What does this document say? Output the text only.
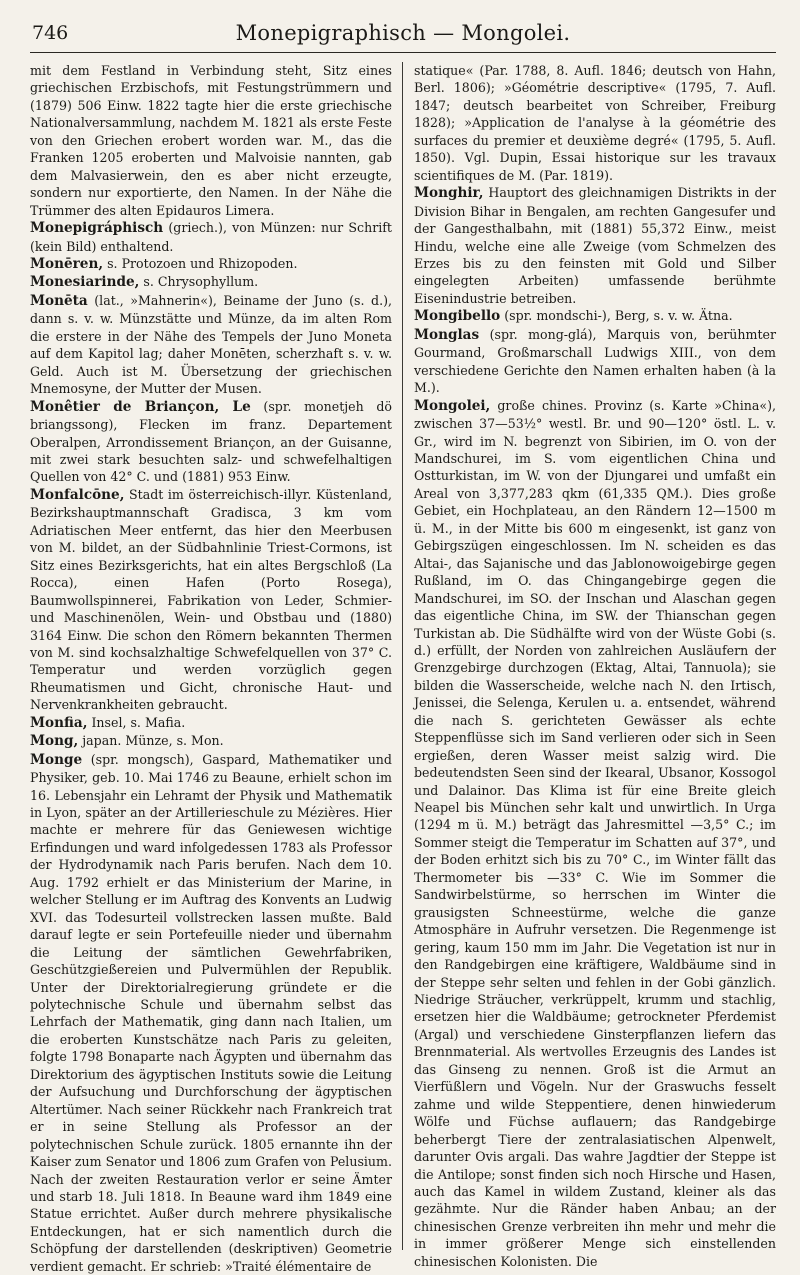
746	Monepigraphisch — Mongolei.

mit dem Festland in Verbindung steht, Sitz eines griechischen Erzbischofs, mit Festungstrümmern und (1879) 506 Einw. 1822 tagte hier die erste griechische Nationalversammlung, nachdem M. 1821 als erste Feste von den Griechen erobert worden war. M., das die Franken 1205 eroberten und Malvoisie nannten, gab dem Malvasierwein, den es aber nicht erzeugte, sondern nur exportierte, den Namen. In der Nähe die Trümmer des alten Epidauros Limera.

Monepigráphisch (griech.), von Münzen: nur Schrift (kein Bild) enthaltend.

Monēren, s. Protozoen und Rhizopoden.

Monesiarinde, s. Chrysophyllum.

Monēta (lat., »Mahnerin«), Beiname der Juno (s. d.), dann s. v. w. Münzstätte und Münze, da im alten Rom die erstere in der Nähe des Tempels der Juno Moneta auf dem Kapitol lag; daher Monēten, scherzhaft s. v. w. Geld. Auch ist M. Übersetzung der griechischen Mnemosyne, der Mutter der Musen.

Monêtier de Briançon, Le (spr. monetjeh dö briangssong), Flecken im franz. Departement Oberalpen, Arrondissement Briançon, an der Guisanne, mit zwei stark besuchten salz- und schwefelhaltigen Quellen von 42° C. und (1881) 953 Einw.

Monfalcōne, Stadt im österreichisch-illyr. Küstenland, Bezirkshauptmannschaft Gradisca, 3 km vom Adriatischen Meer entfernt, das hier den Meerbusen von M. bildet, an der Südbahnlinie Triest-Cormons, ist Sitz eines Bezirksgerichts, hat ein altes Bergschloß (La Rocca), einen Hafen (Porto Rosega), Baumwollspinnerei, Fabrikation von Leder, Schmier- und Maschinenölen, Wein- und Obstbau und (1880) 3164 Einw. Die schon den Römern bekannten Thermen von M. sind kochsalzhaltige Schwefelquellen von 37° C. Temperatur und werden vorzüglich gegen Rheumatismen und Gicht, chronische Haut- und Nervenkrankheiten gebraucht.

Monfia, Insel, s. Mafia.

Mong, japan. Münze, s. Mon.

Monge (spr. mongsch), Gaspard, Mathematiker und Physiker, geb. 10. Mai 1746 zu Beaune, erhielt schon im 16. Lebensjahr ein Lehramt der Physik und Mathematik in Lyon, später an der Artillerieschule zu Mézières. Hier machte er mehrere für das Geniewesen wichtige Erfindungen und ward infolgedessen 1783 als Professor der Hydrodynamik nach Paris berufen. Nach dem 10. Aug. 1792 erhielt er das Ministerium der Marine, in welcher Stellung er im Auftrag des Konvents an Ludwig XVI. das Todesurteil vollstrecken lassen mußte. Bald darauf legte er sein Portefeuille nieder und übernahm die Leitung der sämtlichen Gewehrfabriken, Geschützgießereien und Pulvermühlen der Republik. Unter der Direktorialregierung gründete er die polytechnische Schule und übernahm selbst das Lehrfach der Mathematik, ging dann nach Italien, um die eroberten Kunstschätze nach Paris zu geleiten, folgte 1798 Bonaparte nach Ägypten und übernahm das Direktorium des ägyptischen Instituts sowie die Leitung der Aufsuchung und Durchforschung der ägyptischen Altertümer. Nach seiner Rückkehr nach Frankreich trat er in seine Stellung als Professor an der polytechnischen Schule zurück. 1805 ernannte ihn der Kaiser zum Senator und 1806 zum Grafen von Pelusium. Nach der zweiten Restauration verlor er seine Ämter und starb 18. Juli 1818. In Beaune ward ihm 1849 eine Statue errichtet. Außer durch mehrere physikalische Entdeckungen, hat er sich namentlich durch die Schöpfung der darstellenden (deskriptiven) Geometrie verdient gemacht. Er schrieb: »Traité élémentaire de

statique« (Par. 1788, 8. Aufl. 1846; deutsch von Hahn, Berl. 1806); »Géométrie descriptive« (1795, 7. Aufl. 1847; deutsch bearbeitet von Schreiber, Freiburg 1828); »Application de l'analyse à la géométrie des surfaces du premier et deuxième degré« (1795, 5. Aufl. 1850). Vgl. Dupin, Essai historique sur les travaux scientifiques de M. (Par. 1819).

Monghir, Hauptort des gleichnamigen Distrikts in der Division Bihar in Bengalen, am rechten Gangesufer und der Gangesthalbahn, mit (1881) 55,372 Einw., meist Hindu, welche eine alle Zweige (vom Schmelzen des Erzes bis zu den feinsten mit Gold und Silber eingelegten Arbeiten) umfassende berühmte Eisenindustrie betreiben.

Mongibello (spr. mondschi-), Berg, s. v. w. Ätna.

Monglas (spr. mong-glá), Marquis von, berühmter Gourmand, Großmarschall Ludwigs XIII., von dem verschiedene Gerichte den Namen erhalten haben (à la M.).

Mongolei, große chines. Provinz (s. Karte »China«), zwischen 37—53½° westl. Br. und 90—120° östl. L. v. Gr., wird im N. begrenzt von Sibirien, im O. von der Mandschurei, im S. vom eigentlichen China und Ostturkistan, im W. von der Djungarei und umfaßt ein Areal von 3,377,283 qkm (61,335 QM.). Dies große Gebiet, ein Hochplateau, an den Rändern 12—1500 m ü. M., in der Mitte bis 600 m eingesenkt, ist ganz von Gebirgszügen eingeschlossen. Im N. scheiden es das Altai-, das Sajanische und das Jablonowoigebirge gegen Rußland, im O. das Chingangebirge gegen die Mandschurei, im SO. der Inschan und Alaschan gegen das eigentliche China, im SW. der Thianschan gegen Turkistan ab. Die Südhälfte wird von der Wüste Gobi (s. d.) erfüllt, der Norden von zahlreichen Ausläufern der Grenzgebirge durchzogen (Ektag, Altai, Tannuola); sie bilden die Wasserscheide, welche nach N. den Irtisch, Jenissei, die Selenga, Kerulen u. a. entsendet, während die nach S. gerichteten Gewässer als echte Steppenflüsse sich im Sand verlieren oder sich in Seen ergießen, deren Wasser meist salzig wird. Die bedeutendsten Seen sind der Ikearal, Ubsanor, Kossogol und Dalainor. Das Klima ist für eine Breite gleich Neapel bis München sehr kalt und unwirtlich. In Urga (1294 m ü. M.) beträgt das Jahresmittel —3,5° C.; im Sommer steigt die Temperatur im Schatten auf 37°, und der Boden erhitzt sich bis zu 70° C., im Winter fällt das Thermometer bis —33° C. Wie im Sommer die Sandwirbelstürme, so herrschen im Winter die grausigsten Schneestürme, welche die ganze Atmosphäre in Aufruhr versetzen. Die Regenmenge ist gering, kaum 150 mm im Jahr. Die Vegetation ist nur in den Randgebirgen eine kräftigere, Waldbäume sind in der Steppe sehr selten und fehlen in der Gobi gänzlich. Niedrige Sträucher, verkrüppelt, krumm und stachlig, ersetzen hier die Waldbäume; getrockneter Pferdemist (Argal) und verschiedene Ginsterpflanzen liefern das Brennmaterial. Als wertvolles Erzeugnis des Landes ist das Ginseng zu nennen. Groß ist die Armut an Vierfüßlern und Vögeln. Nur der Graswuchs fesselt zahme und wilde Steppentiere, denen hinwiederum Wölfe und Füchse auflauern; das Randgebirge beherbergt Tiere der zentralasiatischen Alpenwelt, darunter Ovis argali. Das wahre Jagdtier der Steppe ist die Antilope; sonst finden sich noch Hirsche und Hasen, auch das Kamel in wildem Zustand, kleiner als das gezähmte. Nur die Ränder haben Anbau; an der chinesischen Grenze verbreiten ihn mehr und mehr die in immer größerer Menge sich einstellenden chinesischen Kolonisten. Die
